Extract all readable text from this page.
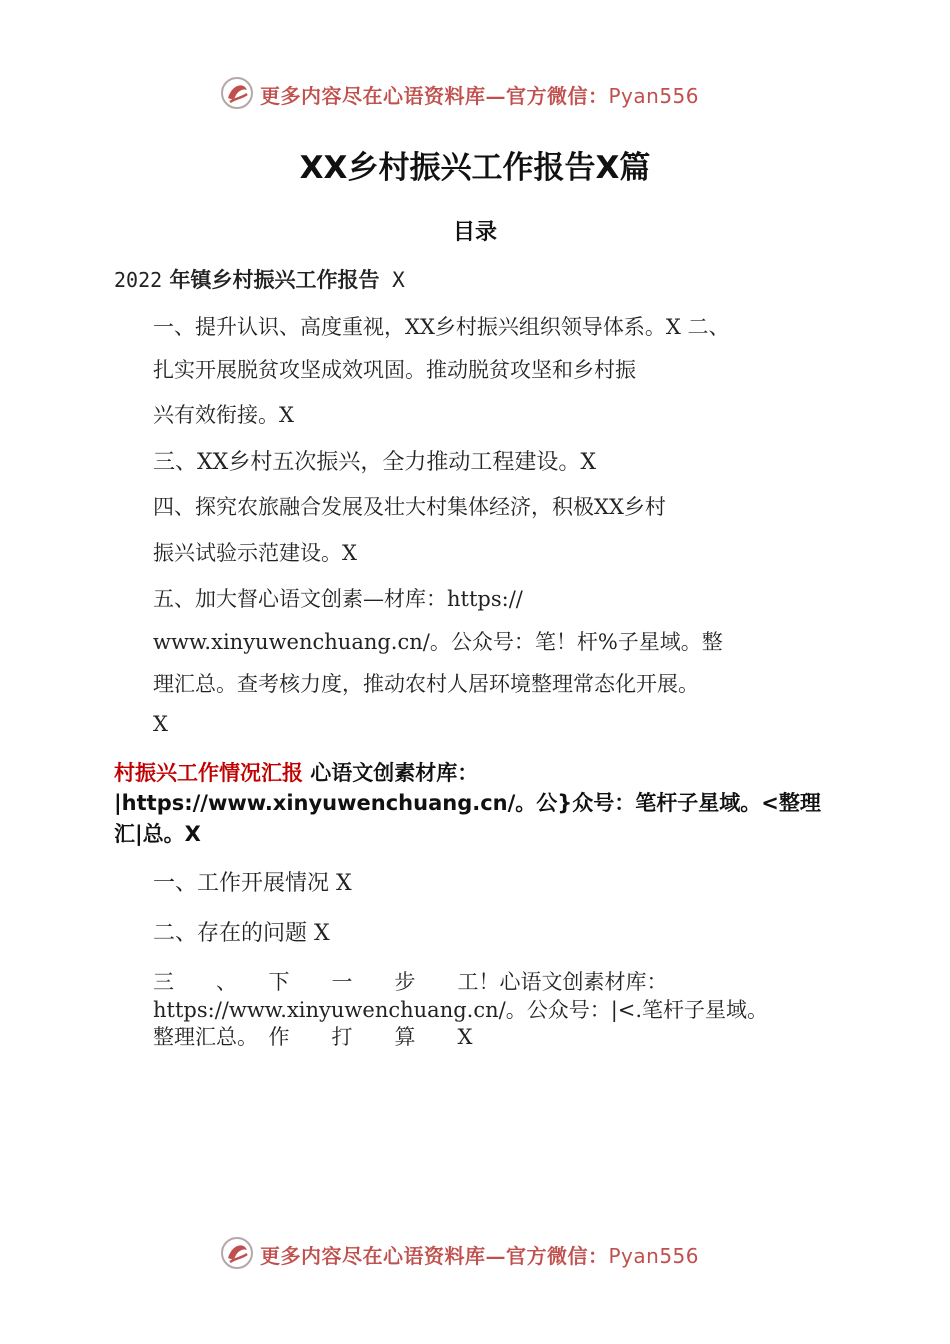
更多内容尽在心语资料库—官方微信：Pyan556
XX乡村振兴工作报告X篇
目录
2022 年镇乡村振兴工作报告 X
一、提升认识、高度重视，XX乡村振兴组织领导体系。X 二、
扎实开展脱贫攻坚成效巩固。推动脱贫攻坚和乡村振
兴有效衔接。X
三、XX乡村五次振兴，全力推动工程建设。X
四、探究农旅融合发展及壮大村集体经济，积极XX乡村
振兴试验示范建设。X
五、加大督心语文创素—材库：https://
www.xinyuwenchuang.cn/。公众号：笔！杆%子星域。整
理汇总。查考核力度，推动农村人居环境整理常态化开展。
X
村振兴工作情况汇报 心语文创素材库：
|https://www.xinyuwenchuang.cn/。公}众号：笔杆子星域。<整理
汇|总。X
一、工作开展情况 X
二、存在的问题 X
三　　、　　下　　一　　步　　工！心语文创素材库：
https://www.xinyuwenchuang.cn/。公众号：|<.笔杆子星域。
整理汇总。　作　　打　　算　　X
更多内容尽在心语资料库—官方微信：Pyan556
